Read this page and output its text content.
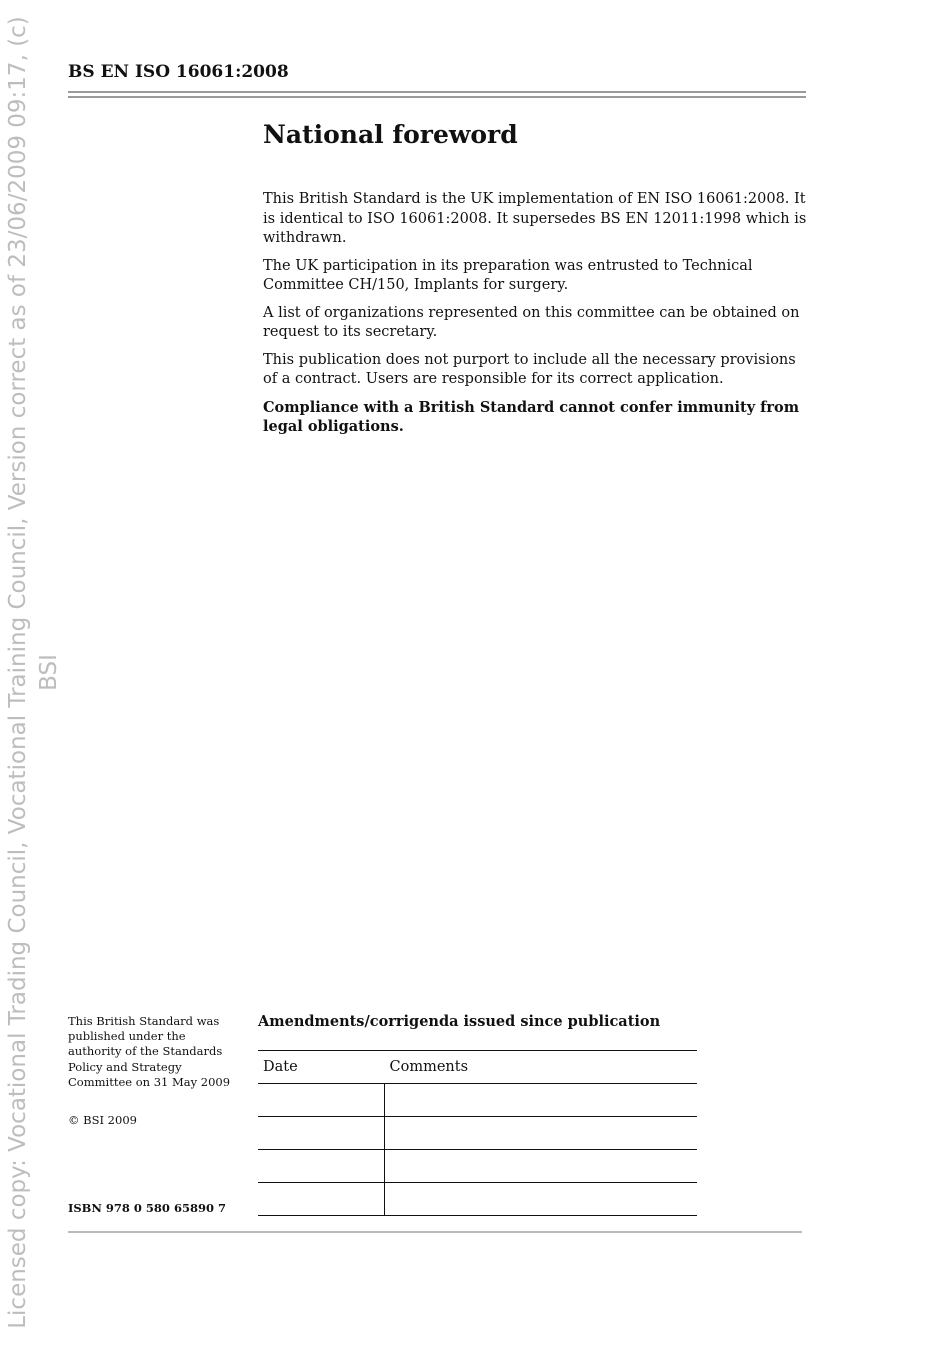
Licensed copy: Vocational Trading Council, Vocational Training Council, Version correct as of 23/06/2009 09:17, (c) BSI
BS EN ISO 16061:2008
National foreword

This British Standard is the UK implementation of EN ISO 16061:2008. It is identical to ISO 16061:2008. It supersedes BS EN 12011:1998 which is withdrawn.

The UK participation in its preparation was entrusted to Technical Committee CH/150, Implants for surgery.

A list of organizations represented on this committee can be obtained on request to its secretary.

This publication does not purport to include all the necessary provisions of a contract. Users are responsible for its correct application.

Compliance with a British Standard cannot confer immunity from legal obligations.

This British Standard was published under the authority of the Standards Policy and Strategy Committee on 31 May 2009
© BSI 2009
ISBN 978 0 580 65890 7
Amendments/corrigenda issued since publication
Date	Comments
